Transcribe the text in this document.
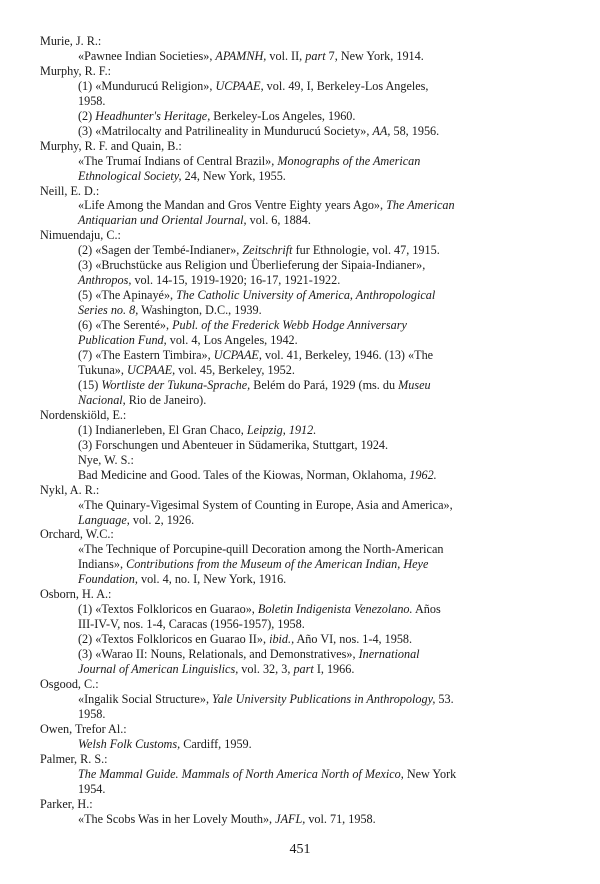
Murie, J. R.:
«Pawnee Indian Societies», APAMNH, vol. II, part 7, New York, 1914.
Murphy, R. F.:
(1) «Mundurucú Religion», UCPAAE, vol. 49, I, Berkeley-Los Angeles,
1958.
(2) Headhunter's Heritage, Berkeley-Los Angeles, 1960.
(3) «Matrilocalty and Patrilineality in Mundurucú Society», AA, 58, 1956.
Murphy, R. F. and Quain, B.:
«The Trumaí Indians of Central Brazil», Monographs of the American
Ethnological Society, 24, New York, 1955.
Neill, E. D.:
«Life Among the Mandan and Gros Ventre Eighty years Ago», The American
Antiquarian und Oriental Journal, vol. 6, 1884.
Nimuendaju, C.:
(2) «Sagen der Tembé-Indianer», Zeitschrift fur Ethnologie, vol. 47, 1915.
(3) «Bruchstücke aus Religion und Überlieferung der Sipaia-Indianer»,
Anthropos, vol. 14-15, 1919-1920; 16-17, 1921-1922.
(5) «The Apinayé», The Catholic University of America, Anthropological
Series no. 8, Washington, D.C., 1939.
(6) «The Serenté», Publ. of the Frederick Webb Hodge Anniversary
Publication Fund, vol. 4, Los Angeles, 1942.
(7) «The Eastern Timbira», UCPAAE, vol. 41, Berkeley, 1946. (13) «The
Tukuna», UCPAAE, vol. 45, Berkeley, 1952.
(15) Wortliste der Tukuna-Sprache, Belém do Pará, 1929 (ms. du Museu
Nacional, Rio de Janeiro).
Nordenskiöld, E.:
(1) Indianerleben, El Gran Chaco, Leipzig, 1912.
(3) Forschungen und Abenteuer in Südamerika, Stuttgart, 1924.
Nye, W. S.:
Bad Medicine and Good. Tales of the Kiowas, Norman, Oklahoma, 1962.
Nykl, A. R.:
«The Quinary-Vigesimal System of Counting in Europe, Asia and America»,
Language, vol. 2, 1926.
Orchard, W.C.:
«The Technique of Porcupine-quill Decoration among the North-American
Indians», Contributions from the Museum of the American Indian, Heye
Foundation, vol. 4, no. I, New York, 1916.
Osborn, H. A.:
(1) «Textos Folkloricos en Guarao», Boletin Indigenista Venezolano. Años
III-IV-V, nos. 1-4, Caracas (1956-1957), 1958.
(2) «Textos Folkloricos en Guarao II», ibid., Año VI, nos. 1-4, 1958.
(3) «Warao II: Nouns, Relationals, and Demonstratives», Inernational
Journal of American Linguislics, vol. 32, 3, part I, 1966.
Osgood, C.:
«Ingalik Social Structure», Yale University Publications in Anthropology, 53.
1958.
Owen, Trefor Al.:
Welsh Folk Customs, Cardiff, 1959.
Palmer, R. S.:
The Mammal Guide. Mammals of North America North of Mexico, New York
1954.
Parker, H.:
«The Scobs Was in her Lovely Mouth», JAFL, vol. 71, 1958.
451
